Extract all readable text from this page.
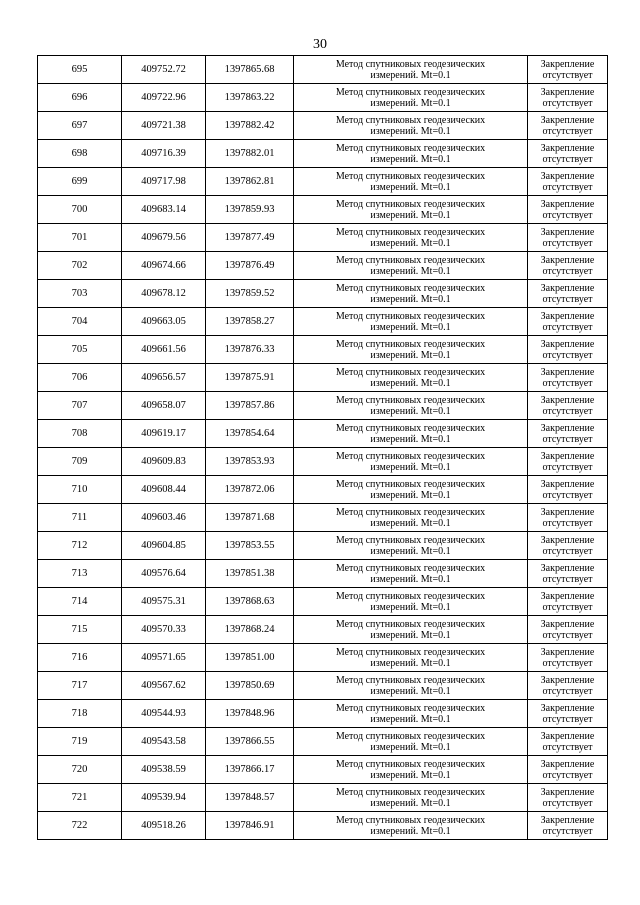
30
695	409752.72	1397865.68	Метод спутниковых геодезических
измерений. Mt=0.1	Закрепление
отсутствует

696	409722.96	1397863.22	Метод спутниковых геодезических
измерений. Mt=0.1	Закрепление
отсутствует

697	409721.38	1397882.42	Метод спутниковых геодезических
измерений. Mt=0.1	Закрепление
отсутствует

698	409716.39	1397882.01	Метод спутниковых геодезических
измерений. Mt=0.1	Закрепление
отсутствует

699	409717.98	1397862.81	Метод спутниковых геодезических
измерений. Mt=0.1	Закрепление
отсутствует

700	409683.14	1397859.93	Метод спутниковых геодезических
измерений. Mt=0.1	Закрепление
отсутствует

701	409679.56	1397877.49	Метод спутниковых геодезических
измерений. Mt=0.1	Закрепление
отсутствует

702	409674.66	1397876.49	Метод спутниковых геодезических
измерений. Mt=0.1	Закрепление
отсутствует

703	409678.12	1397859.52	Метод спутниковых геодезических
измерений. Mt=0.1	Закрепление
отсутствует

704	409663.05	1397858.27	Метод спутниковых геодезических
измерений. Mt=0.1	Закрепление
отсутствует

705	409661.56	1397876.33	Метод спутниковых геодезических
измерений. Mt=0.1	Закрепление
отсутствует

706	409656.57	1397875.91	Метод спутниковых геодезических
измерений. Mt=0.1	Закрепление
отсутствует

707	409658.07	1397857.86	Метод спутниковых геодезических
измерений. Mt=0.1	Закрепление
отсутствует

708	409619.17	1397854.64	Метод спутниковых геодезических
измерений. Mt=0.1	Закрепление
отсутствует

709	409609.83	1397853.93	Метод спутниковых геодезических
измерений. Mt=0.1	Закрепление
отсутствует

710	409608.44	1397872.06	Метод спутниковых геодезических
измерений. Mt=0.1	Закрепление
отсутствует

711	409603.46	1397871.68	Метод спутниковых геодезических
измерений. Mt=0.1	Закрепление
отсутствует

712	409604.85	1397853.55	Метод спутниковых геодезических
измерений. Mt=0.1	Закрепление
отсутствует

713	409576.64	1397851.38	Метод спутниковых геодезических
измерений. Mt=0.1	Закрепление
отсутствует

714	409575.31	1397868.63	Метод спутниковых геодезических
измерений. Mt=0.1	Закрепление
отсутствует

715	409570.33	1397868.24	Метод спутниковых геодезических
измерений. Mt=0.1	Закрепление
отсутствует

716	409571.65	1397851.00	Метод спутниковых геодезических
измерений. Mt=0.1	Закрепление
отсутствует

717	409567.62	1397850.69	Метод спутниковых геодезических
измерений. Mt=0.1	Закрепление
отсутствует

718	409544.93	1397848.96	Метод спутниковых геодезических
измерений. Mt=0.1	Закрепление
отсутствует

719	409543.58	1397866.55	Метод спутниковых геодезических
измерений. Mt=0.1	Закрепление
отсутствует

720	409538.59	1397866.17	Метод спутниковых геодезических
измерений. Mt=0.1	Закрепление
отсутствует

721	409539.94	1397848.57	Метод спутниковых геодезических
измерений. Mt=0.1	Закрепление
отсутствует

722	409518.26	1397846.91	Метод спутниковых геодезических
измерений. Mt=0.1	Закрепление
отсутствует
